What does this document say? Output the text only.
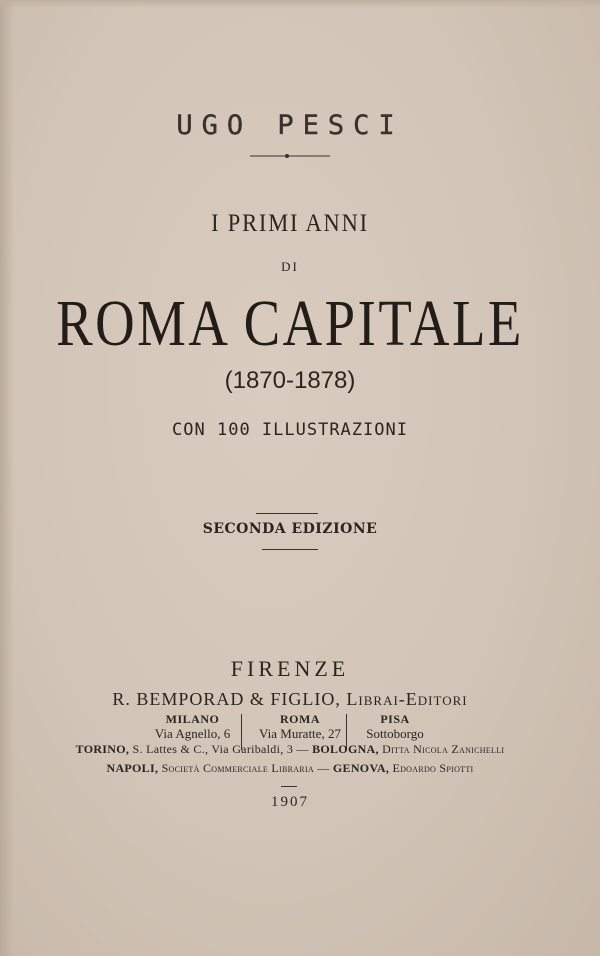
UGO PESCI
I PRIMI ANNI
DI
ROMA CAPITALE
(1870-1878)
CON 100 ILLUSTRAZIONI
SECONDA EDIZIONE
FIRENZE
R. BEMPORAD & FIGLIO, Librai-Editori
MILANO
Via Agnello, 6
ROMA
Via Muratte, 27
PISA
Sottoborgo
TORINO, S. Lattes & C., Via Garibaldi, 3 — BOLOGNA, Ditta Nicola Zanichelli
NAPOLI, Società Commerciale Libraria — GENOVA, Edoardo Spiotti
1907
